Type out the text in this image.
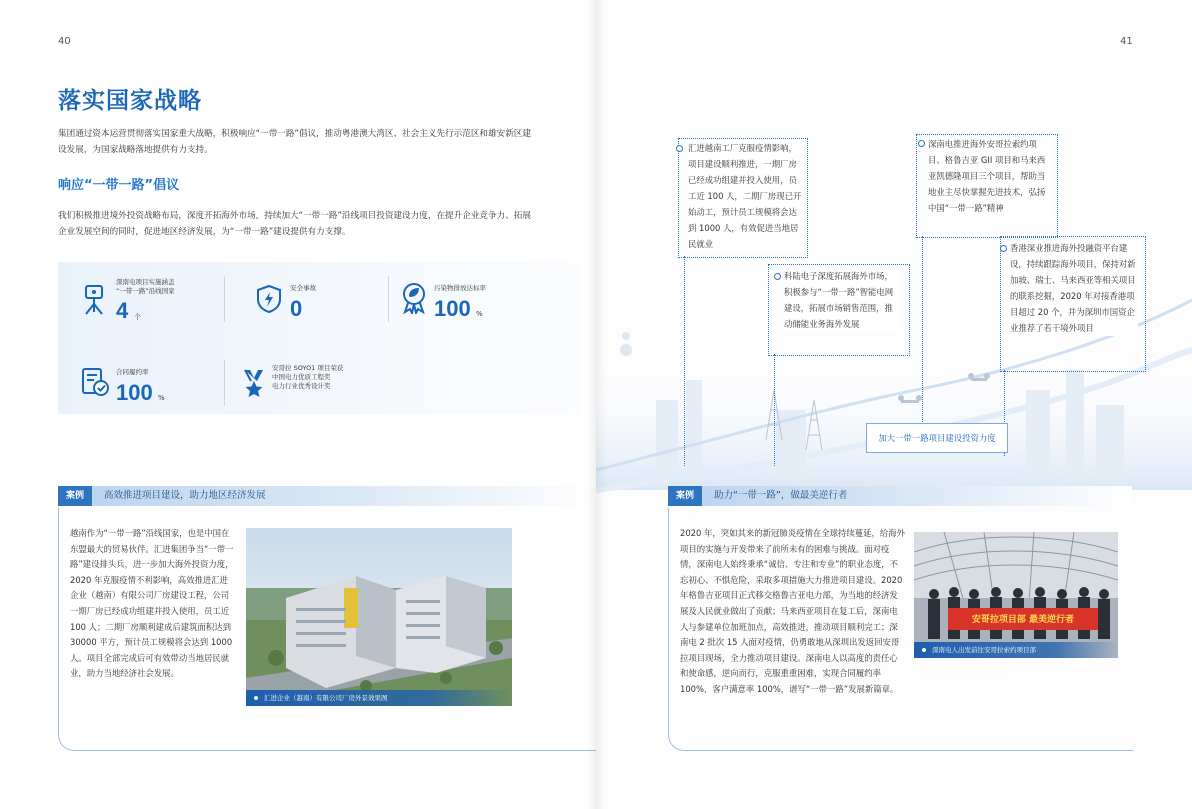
40
落实国家战略
集团通过资本运营贯彻落实国家重大战略，积极响应“一带一路”倡议，推动粤港澳大湾区、社会主义先行示范区和雄安新区建设发展，为国家战略落地提供有力支持。
响应“一带一路”倡议
我们积极推进境外投资战略布局，深度开拓海外市场，持续加大“一带一路”沿线项目投资建设力度，在提升企业竞争力、拓展企业发展空间的同时，促进地区经济发展，为“一带一路”建设提供有力支撑。
深南电项目实施涵盖
“一带一路”沿线国家
4 个
安全事故
0
污染物排放达标率
100 %
合同履约率
100 %
安哥拉 SOYO1 项目荣获
中国电力优质工程奖
电力行业优秀设计奖
案例	高效推进项目建设，助力地区经济发展
越南作为“一带一路”沿线国家，也是中国在东盟最大的贸易伙伴。汇进集团争当“一带一路”建设排头兵，进一步加大海外投资力度，2020 年克服疫情不利影响，高效推进汇进企业（越南）有限公司厂房建设工程，公司一期厂房已经成功组建并投入使用，员工近 100 人；二期厂房顺利建成后建筑面积达到 30000 平方，预计员工规模将会达到 1000 人。项目全部完成后可有效带动当地居民就业，助力当地经济社会发展。
汇进企业（越南）有限公司厂房外景效果图
41
汇进越南工厂克服疫情影响，项目建设顺利推进，一期厂房已经成功组建并投入使用，员工近 100 人，二期厂房现已开始动工，预计员工规模将会达到 1000 人，有效促进当地居民就业
科陆电子深度拓展海外市场，积极参与“一带一路”智能电网建设，拓展市场销售范围，推动储能业务海外发展
深南电推进海外安哥拉索约项目、格鲁吉亚 GII 项目和马来西亚凯德隆项目三个项目，帮助当地业主尽快掌握先进技术，弘扬中国“一带一路”精神
香港深业推进海外投融资平台建设，持续跟踪海外项目，保持对新加坡、瑞士、马来西亚等相关项目的联系挖掘，2020 年对接香港项目超过 20 个，并为深圳市国资企业推荐了若干境外项目
案例	助力“一带一路”，做最美逆行者
2020 年，突如其来的新冠肺炎疫情在全球持续蔓延，给海外项目的实施与开发带来了前所未有的困难与挑战。面对疫情，深南电人始终秉承“诚信、专注和专业”的职业态度，不忘初心、不惧危险，采取多项措施大力推进项目建设。2020 年格鲁吉亚项目正式移交格鲁吉亚电力部，为当地的经济发展及人民就业做出了贡献；马来西亚项目在复工后，深南电人与参建单位加班加点，高效推进，推动项目顺利完工；深南电 2 批次 15 人面对疫情，仍勇敢地从深圳出发返回安哥拉项目现场，全力推动项目建设。深南电人以高度的责任心和使命感，逆向而行，克服重重困难，实现合同履约率 100%，客户满意率 100%，谱写“一带一路”发展新篇章。
安哥拉项目部 最美逆行者
深南电人出发前往安哥拉索约项目部
加大一带一路项目建设投资力度
